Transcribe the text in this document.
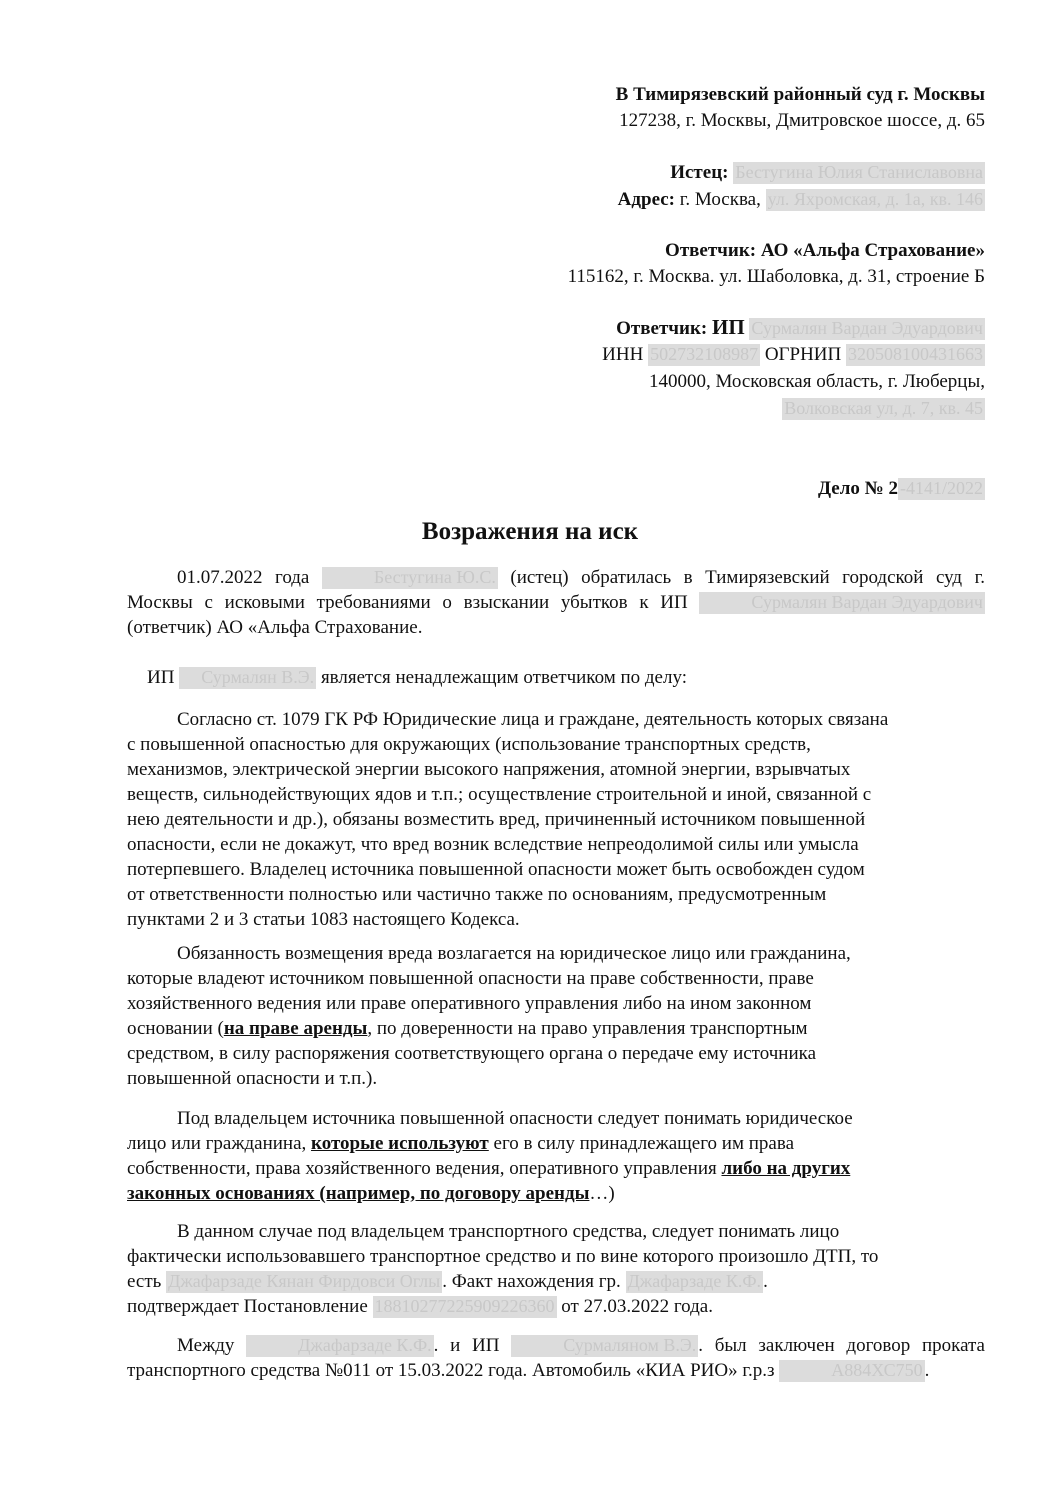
В Тимирязевский районный суд г. Москвы
127238, г. Москвы, Дмитровское шоссе, д. 65
Истец: Бестугина Юлия Станиславовна
Адрес: г. Москва, ул. Яхромская, д. 1а, кв. 146
Ответчик: АО «Альфа Страхование»
115162, г. Москва. ул. Шаболовка, д. 31, строение Б
Ответчик: ИП Сурмалян Вардан Эдуардович
ИНН 502732108987 ОГРНИП 320508100431663
140000, Московская область, г. Люберцы,
Волковская ул, д. 7, кв. 45
Дело № 2 -4141/2022
Возражения на иск
01.07.2022 года	Бестугина Ю.С. (истец) обратилась в Тимирязевский городской суд г. Москвы с исковыми требованиями о взыскании убытков к ИП	Сурмалян Вардан Эдуардович (ответчик) АО «Альфа Страхование.
ИП Сурмалян В.Э. является ненадлежащим ответчиком по делу:
Согласно ст. 1079 ГК РФ Юридические лица и граждане, деятельность которых связана
с повышенной опасностью для окружающих (использование транспортных средств,
механизмов, электрической энергии высокого напряжения, атомной энергии, взрывчатых
веществ, сильнодействующих ядов и т.п.; осуществление строительной и иной, связанной с
нею деятельности и др.), обязаны возместить вред, причиненный источником повышенной
опасности, если не докажут, что вред возник вследствие непреодолимой силы или умысла
потерпевшего. Владелец источника повышенной опасности может быть освобожден судом
от ответственности полностью или частично также по основаниям, предусмотренным
пунктами 2 и 3 статьи 1083 настоящего Кодекса.
Обязанность возмещения вреда возлагается на юридическое лицо или гражданина,
которые владеют источником повышенной опасности на праве собственности, праве
хозяйственного ведения или праве оперативного управления либо на ином законном
основании (на праве аренды, по доверенности на право управления транспортным
средством, в силу распоряжения соответствующего органа о передаче ему источника
повышенной опасности и т.п.).
Под владельцем источника повышенной опасности следует понимать юридическое
лицо или гражданина, которые используют его в силу принадлежащего им права
собственности, права хозяйственного ведения, оперативного управления либо на других
законных основаниях (например, по договору аренды…)
В данном случае под владельцем транспортного средства, следует понимать лицо
фактически использовавшего транспортное средство и по вине которого произошло ДТП, то
есть Джафарзаде Кянан Фирдовси Оглы . Факт нахождения гр. Джафарзаде К.Ф. .
подтверждает Постановление 18810277225909226360 от 27.03.2022 года.
Между	Джафарзаде К.Ф. . и ИП	Сурмаляном В.Э. . был заключен договор проката транспортного средства №011 от 15.03.2022 года. Автомобиль «КИА РИО» г.р.з	А884ХС750 .
